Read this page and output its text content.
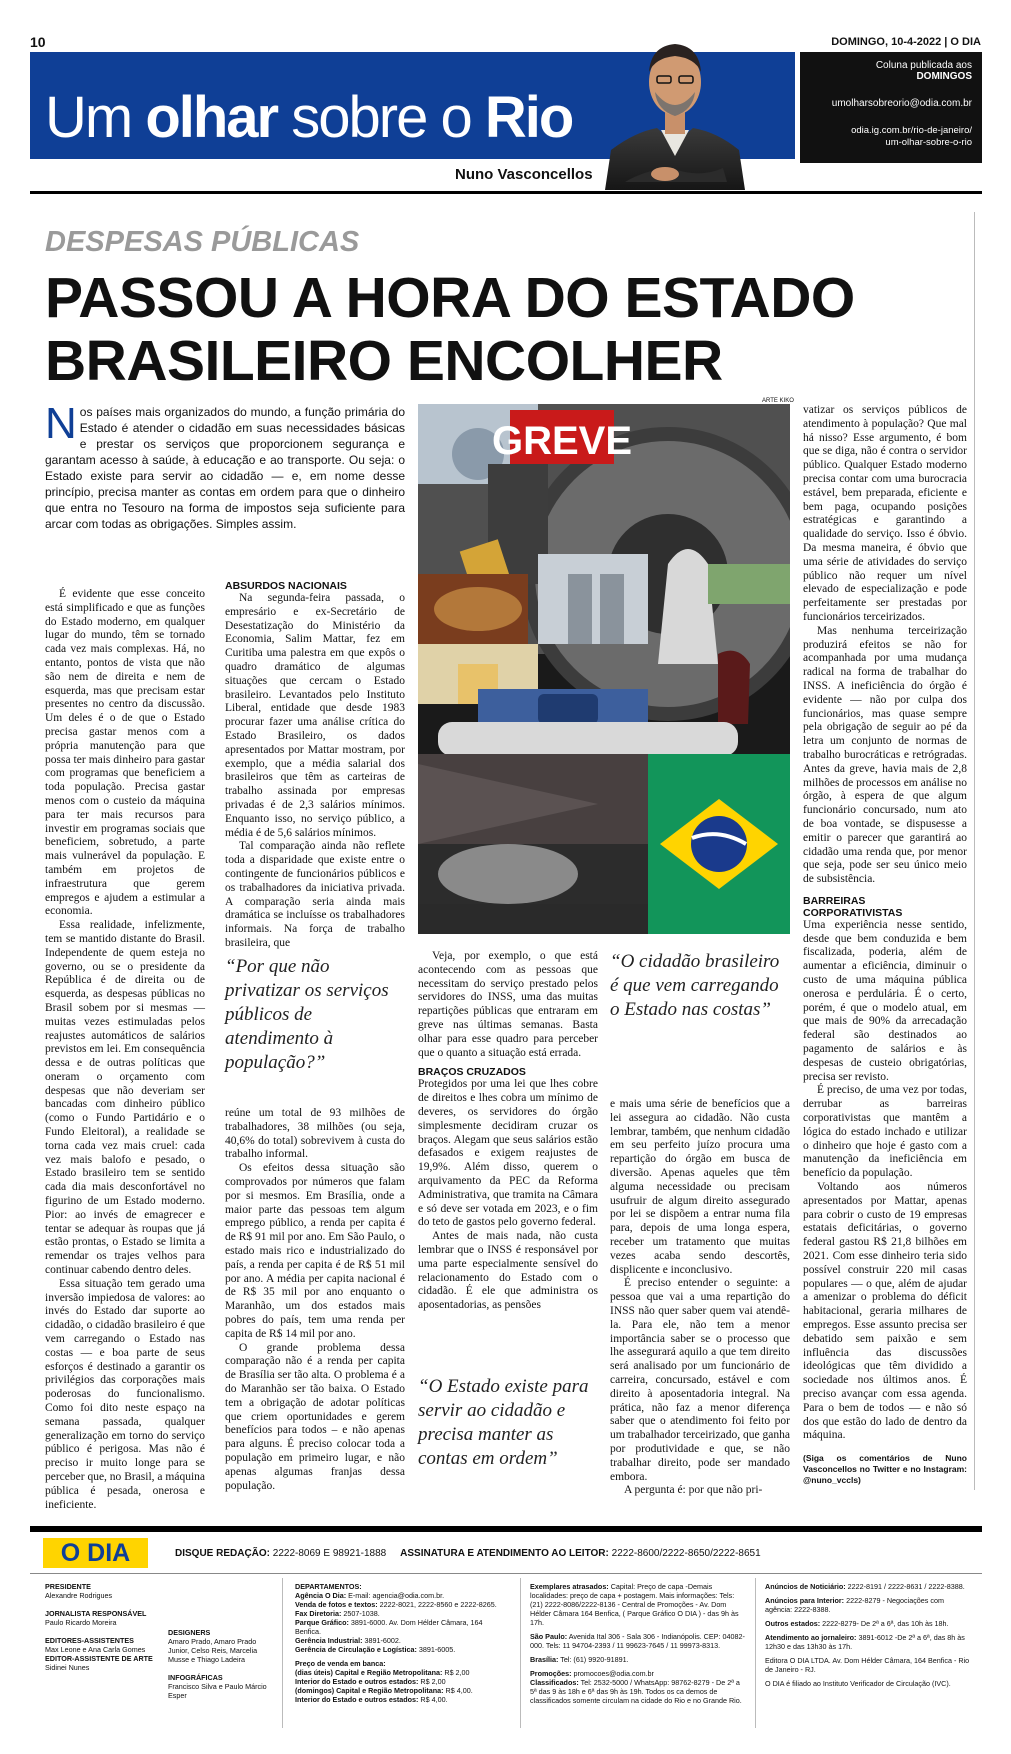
10	DOMINGO, 10-4-2022 | O DIA
Um olhar sobre o Rio
Nuno Vasconcellos
Coluna publicada aos
DOMINGOS
umolharsobreorio@odia.com.br
odia.ig.com.br/rio-de-janeiro/
um-olhar-sobre-o-rio
DESPESAS PÚBLICAS
PASSOU A HORA DO ESTADO BRASILEIRO ENCOLHER
Nos países mais organizados do mundo, a função primária do Estado é atender o cidadão em suas necessidades básicas e prestar os serviços que proporcionem segurança e garantam acesso à saúde, à educação e ao transporte. Ou seja: o Estado existe para servir ao cidadão — e, em nome desse princípio, precisa manter as contas em ordem para que o dinheiro que entra no Tesouro na forma de impostos seja suficiente para arcar com todas as obrigações. Simples assim.
ARTE KIKO
GREVE

É evidente que esse conceito está simplificado e que as funções do Estado moderno, em qualquer lugar do mundo, têm se tornado cada vez mais complexas. Há, no entanto, pontos de vista que não são nem de direita e nem de esquerda, mas que precisam estar presentes no centro da discussão. Um deles é o de que o Estado precisa gastar menos com a própria manutenção para que possa ter mais dinheiro para gastar com programas que beneficiem a toda população. Precisa gastar menos com o custeio da máquina para ter mais recursos para investir em programas sociais que beneficiem, sobretudo, a parte mais vulnerável da população. E também em projetos de infraestrutura que gerem empregos e ajudem a estimular a economia.

Essa realidade, infelizmente, tem se mantido distante do Brasil. Independente de quem esteja no governo, ou se o presidente da República é de direita ou de esquerda, as despesas públicas no Brasil sobem por si mesmas — muitas vezes estimuladas pelos reajustes automáticos de salários previstos em lei. Em consequência dessa e de outras políticas que oneram o orçamento com despesas que não deveriam ser bancadas com dinheiro público (como o Fundo Partidário e o Fundo Eleitoral), a realidade se torna cada vez mais cruel: cada vez mais balofo e pesado, o Estado brasileiro tem se sentido cada dia mais desconfortável no figurino de um Estado moderno. Pior: ao invés de emagrecer e tentar se adequar às roupas que já estão prontas, o Estado se limita a remendar os trajes velhos para continuar cabendo dentro deles.

Essa situação tem gerado uma inversão impiedosa de valores: ao invés do Estado dar suporte ao cidadão, o cidadão brasileiro é que vem carregando o Estado nas costas — e boa parte de seus esforços é destinado a garantir os privilégios das corporações mais poderosas do funcionalismo. Como foi dito neste espaço na semana passada, qualquer generalização em torno do serviço público é perigosa. Mas não é preciso ir muito longe para se perceber que, no Brasil, a máquina pública é pesada, onerosa e ineficiente.

ABSURDOS NACIONAIS

Na segunda-feira passada, o empresário e ex-Secretário de Desestatização do Ministério da Economia, Salim Mattar, fez em Curitiba uma palestra em que expôs o quadro dramático de algumas situações que cercam o Estado brasileiro. Levantados pelo Instituto Liberal, entidade que desde 1983 procurar fazer uma análise crítica do Estado Brasileiro, os dados apresentados por Mattar mostram, por exemplo, que a média salarial dos brasileiros que têm as carteiras de trabalho assinada por empresas privadas é de 2,3 salários mínimos. Enquanto isso, no serviço público, a média é de 5,6 salários mínimos.

Tal comparação ainda não reflete toda a disparidade que existe entre o contingente de funcionários públicos e os trabalhadores da iniciativa privada. A comparação seria ainda mais dramática se incluísse os trabalhadores informais. Na força de trabalho brasileira, que

“Por que não privatizar os serviços públicos de atendimento à população?”

reúne um total de 93 milhões de trabalhadores, 38 milhões (ou seja, 40,6% do total) sobrevivem à custa do trabalho informal.

Os efeitos dessa situação são comprovados por números que falam por si mesmos. Em Brasília, onde a maior parte das pessoas tem algum emprego público, a renda per capita é de R$ 91 mil por ano. Em São Paulo, o estado mais rico e industrializado do país, a renda per capita é de R$ 51 mil por ano. A média per capita nacional é de R$ 35 mil por ano enquanto o Maranhão, um dos estados mais pobres do país, tem uma renda per capita de R$ 14 mil por ano.

O grande problema dessa comparação não é a renda per capita de Brasília ser tão alta. O problema é a do Maranhão ser tão baixa. O Estado tem a obrigação de adotar políticas que criem oportunidades e gerem benefícios para todos – e não apenas para alguns. É preciso colocar toda a população em primeiro lugar, e não apenas algumas franjas dessa população.

Veja, por exemplo, o que está acontecendo com as pessoas que necessitam do serviço prestado pelos servidores do INSS, uma das muitas repartições públicas que entraram em greve nas últimas semanas. Basta olhar para esse quadro para perceber que o quanto a situação está errada.

BRAÇOS CRUZADOS

Protegidos por uma lei que lhes cobre de direitos e lhes cobra um mínimo de deveres, os servidores do órgão simplesmente decidiram cruzar os braços. Alegam que seus salários estão defasados e exigem reajustes de 19,9%. Além disso, querem o arquivamento da PEC da Reforma Administrativa, que tramita na Câmara e só deve ser votada em 2023, e o fim do teto de gastos pelo governo federal.

Antes de mais nada, não custa lembrar que o INSS é responsável por uma parte especialmente sensível do relacionamento do Estado com o cidadão. É ele que administra os aposentadorias, as pensões

“O Estado existe para servir ao cidadão e precisa manter as contas em ordem”
“O cidadão brasileiro é que vem carregando o Estado nas costas”

e mais uma série de benefícios que a lei assegura ao cidadão. Não custa lembrar, também, que nenhum cidadão em seu perfeito juízo procura uma repartição do órgão em busca de diversão. Apenas aqueles que têm alguma necessidade ou precisam usufruir de algum direito assegurado por lei se dispõem a entrar numa fila para, depois de uma longa espera, receber um tratamento que muitas vezes acaba sendo descortês, displicente e inconclusivo.

É preciso entender o seguinte: a pessoa que vai a uma repartição do INSS não quer saber quem vai atendê-la. Para ele, não tem a menor importância saber se o processo que lhe assegurará aquilo a que tem direito será analisado por um funcionário de carreira, concursado, estável e com direito à aposentadoria integral. Na prática, não faz a menor diferença saber que o atendimento foi feito por um trabalhador terceirizado, que ganha por produtividade e que, se não trabalhar direito, pode ser mandado embora.

A pergunta é: por que não pri-

vatizar os serviços públicos de atendimento à população? Que mal há nisso? Esse argumento, é bom que se diga, não é contra o servidor público. Qualquer Estado moderno precisa contar com uma burocracia estável, bem preparada, eficiente e bem paga, ocupando posições estratégicas e garantindo a qualidade do serviço. Isso é óbvio. Da mesma maneira, é óbvio que uma série de atividades do serviço público não requer um nível elevado de especialização e pode perfeitamente ser prestadas por funcionários terceirizados.

Mas nenhuma terceirização produzirá efeitos se não for acompanhada por uma mudança radical na forma de trabalhar do INSS. A ineficiência do órgão é evidente — não por culpa dos funcionários, mas quase sempre pela obrigação de seguir ao pé da letra um conjunto de normas de trabalho burocráticas e retrógradas. Antes da greve, havia mais de 2,8 milhões de processos em análise no órgão, à espera de que algum funcionário concursado, num ato de boa vontade, se dispusesse a emitir o parecer que garantirá ao cidadão uma renda que, por menor que seja, pode ser seu único meio de subsistência.

BARREIRAS CORPORATIVISTAS

Uma experiência nesse sentido, desde que bem conduzida e bem fiscalizada, poderia, além de aumentar a eficiência, diminuir o custo de uma máquina pública onerosa e perdulária. É o certo, porém, é que o modelo atual, em que mais de 90% da arrecadação federal são destinados ao pagamento de salários e às despesas de custeio obrigatórias, precisa ser revisto.

É preciso, de uma vez por todas, derrubar as barreiras corporativistas que mantêm a lógica do estado inchado e utilizar o dinheiro que hoje é gasto com a manutenção da ineficiência em benefício da população.

Voltando aos números apresentados por Mattar, apenas para cobrir o custo de 19 empresas estatais deficitárias, o governo federal gastou R$ 21,8 bilhões em 2021. Com esse dinheiro teria sido possível construir 220 mil casas populares — o que, além de ajudar a amenizar o problema do déficit habitacional, geraria milhares de empregos. Esse assunto precisa ser debatido sem paixão e sem influência das discussões ideológicas que têm dividido a sociedade nos últimos anos. É preciso avançar com essa agenda. Para o bem de todos — e não só dos que estão do lado de dentro da máquina.

(Siga os comentários de Nuno Vasconcellos no Twitter e no Instagram: @nuno_vccls)

O DIA	DISQUE REDAÇÃO: 2222-8069 E 98921-1888 ASSINATURA E ATENDIMENTO AO LEITOR: 2222-8600/2222-8650/2222-8651
PRESIDENTE
Alexandre Rodrigues

JORNALISTA RESPONSÁVEL
Paulo Ricardo Moreira

EDITORES-ASSISTENTES
Max Leone e Ana Carla Gomes

EDITOR-ASSISTENTE DE ARTE
Sidinei Nunes
DESIGNERS
Amaro Prado, Amaro Prado Junior, Celso Reis, Marcelia Musse e Thiago Ladeira

INFOGRÁFICAS
Francisco Silva e Paulo Márcio Esper
DEPARTAMENTOS:
Agência O Dia: E-mail: agencia@odia.com.br.
Venda de fotos e textos: 2222-8021, 2222-8560 e 2222-8265.
Fax Diretoria: 2507-1038.
Parque Gráfico: 3891-6000. Av. Dom Hélder Câmara, 164 Benfica.
Gerência Industrial: 3891-6002.
Gerência de Circulação e Logística: 3891-6005.
Preço de venda em banca:
(dias úteis) Capital e Região Metropolitana: R$ 2,00
Interior do Estado e outros estados: R$ 2,00
(domingos) Capital e Região Metropolitana: R$ 4,00.
Interior do Estado e outros estados: R$ 4,00.
Exemplares atrasados: Capital: Preço de capa -Demais localidades: preço de capa + postagem. Mais informações: Tels: (21) 2222-8086/2222-8136 - Central de Promoções - Av. Dom Hélder Câmara 164 Benfica, ( Parque Gráfico O DIA ) - das 9h às 17h.
São Paulo: Avenida Ital 306 - Sala 306 - Indianópolis. CEP: 04082-000. Tels: 11 94704-2393 / 11 99623-7645 / 11 99973-8313.
Brasília: Tel: (61) 9920-91891.
Promoções: promocoes@odia.com.br
Classificados: Tel: 2532-5000 / WhatsApp: 98762-8279 - De 2ª a 5ª das 9 às 18h e 6ª das 9h às 19h. Todos os ca demos de classificados somente circulam na cidade do Rio e no Grande Rio.
Anúncios de Noticiário: 2222-8191 / 2222-8631 / 2222-8388.
Anúncios para Interior: 2222-8279 - Negociações com agência: 2222-8388.
Outros estados: 2222-8279- De 2ª a 6ª, das 10h às 18h.
Atendimento ao jornaleiro: 3891-6012 -De 2ª a 6ª, das 8h às 12h30 e das 13h30 às 17h.
Editora O DIA LTDA. Av. Dom Hélder Câmara, 164 Benfica - Rio de Janeiro - RJ.
O DIA é filiado ao Instituto Verificador de Circulação (IVC).
